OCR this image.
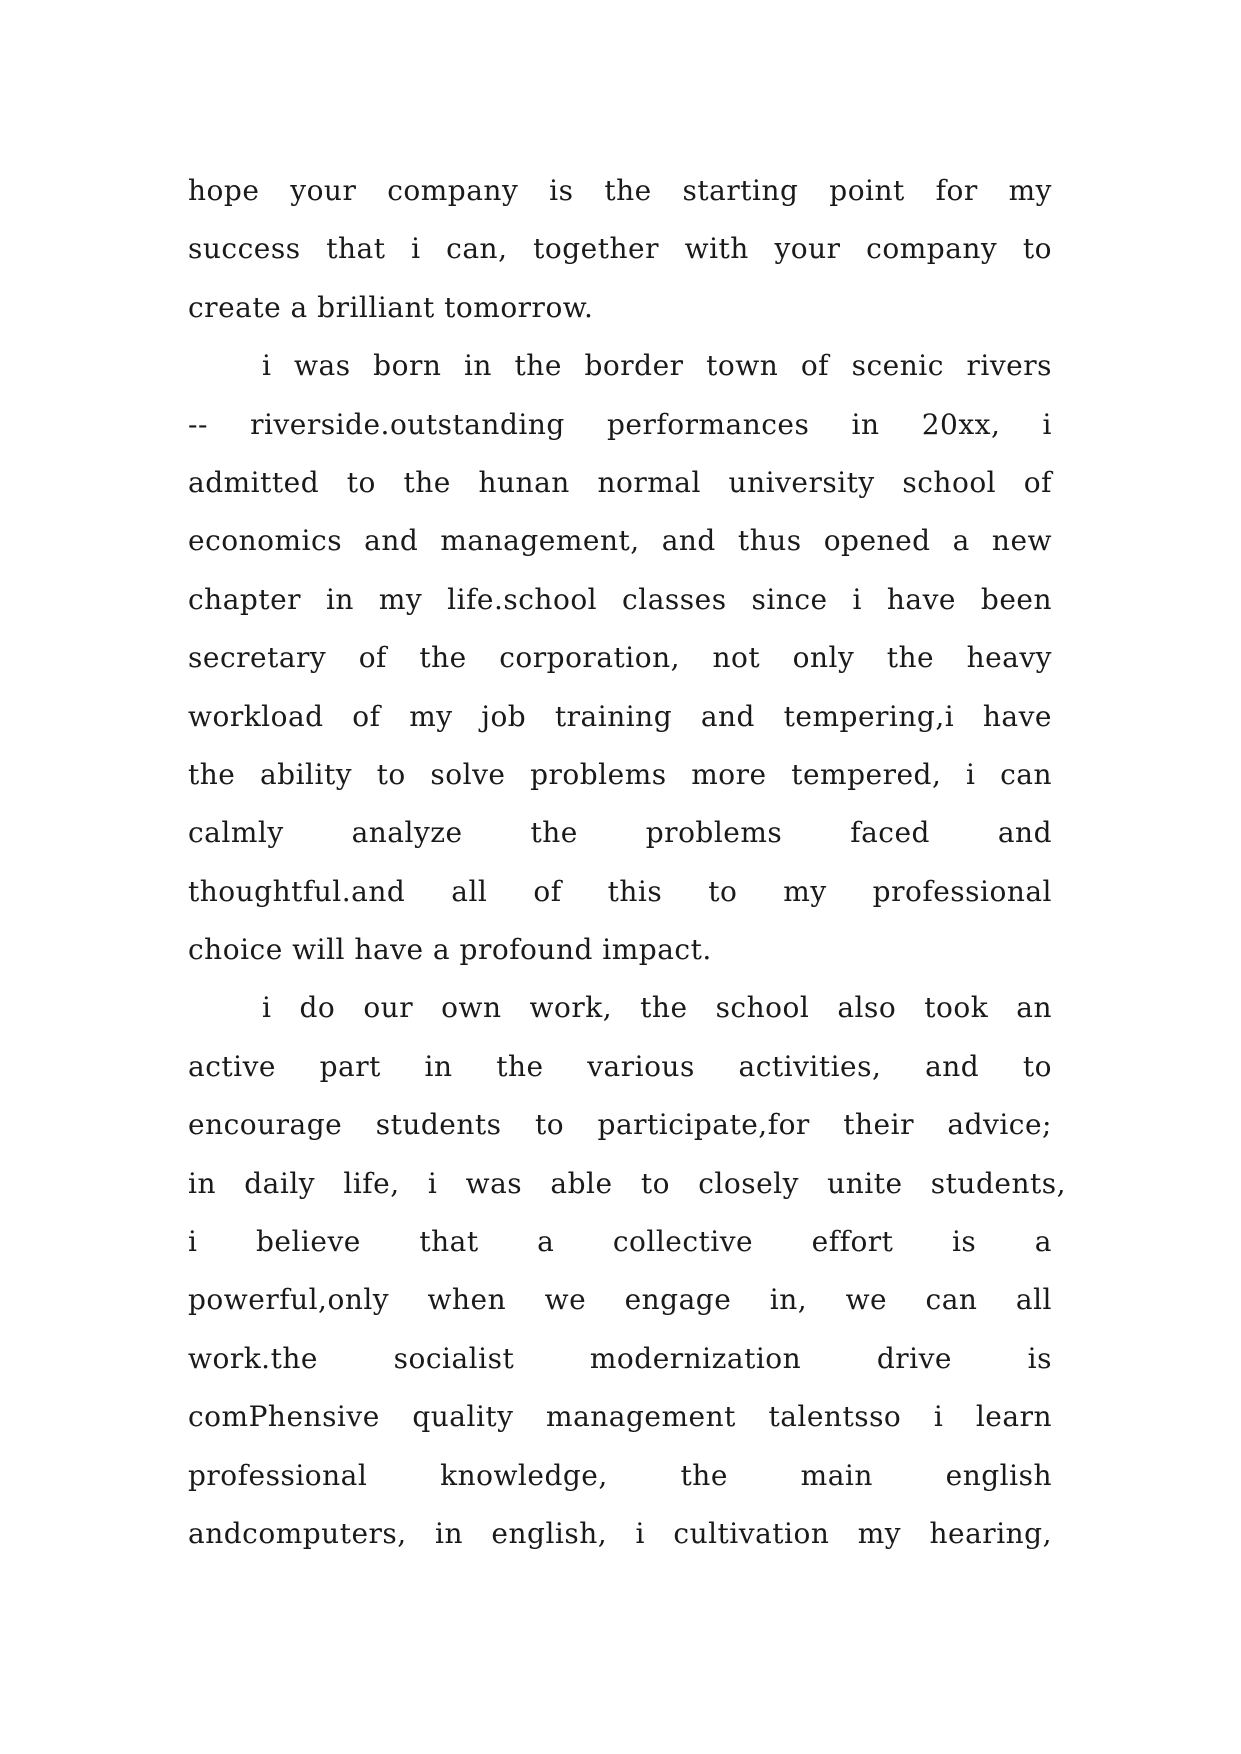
hope your company is the starting point for my
success that i can, together with your company to
create a brilliant tomorrow.
i was born in the border town of scenic rivers
-- riverside.outstanding performances in 20xx, i
admitted to the hunan normal university school of
economics and management, and thus opened a new
chapter in my life.school classes since i have been
secretary of the corporation, not only the heavy
workload of my job training and tempering,i have
the ability to solve problems more tempered, i can
calmly analyze the problems faced and
thoughtful.and all of this to my professional
choice will have a profound impact.
i do our own work, the school also took an
active part in the various activities, and to
encourage students to participate,for their advice;
in daily life, i was able to closely unite students,
i believe that a collective effort is a
powerful,only when we engage in, we can all
work.the socialist modernization drive is
comPhensive quality management talentsso i learn
professional knowledge, the main english
andcomputers, in english, i cultivation my hearing,
